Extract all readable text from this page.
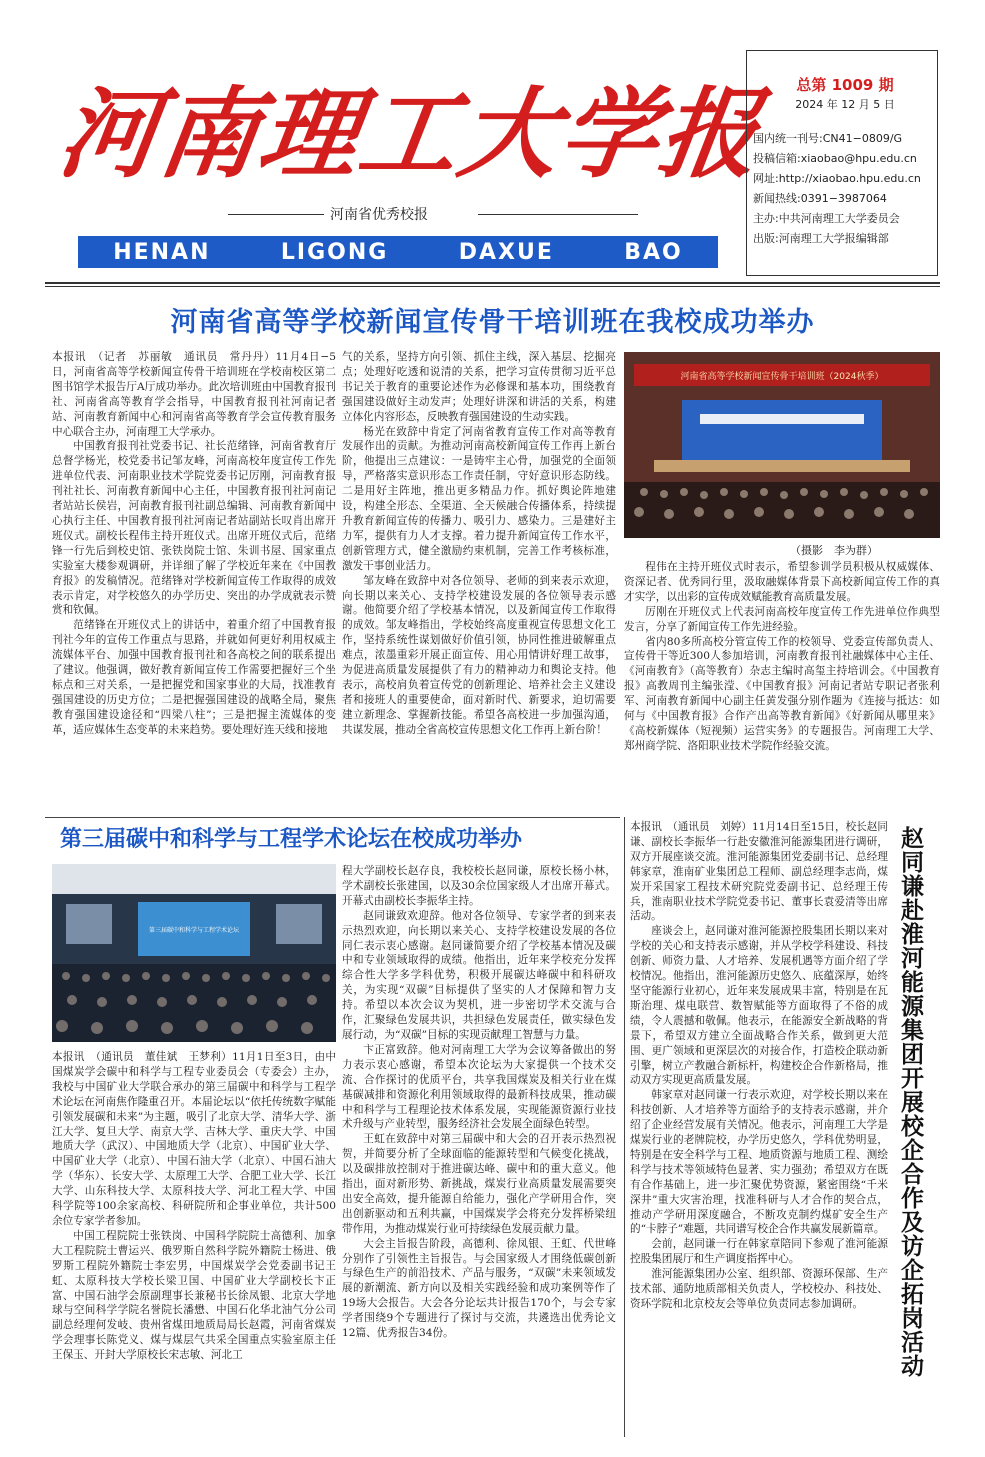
河南理工大学报
河南省优秀校报
HENAN	LIGONG	DAXUE	BAO
总第 1009 期
2024 年 12 月 5 日
国内统一刊号:CN41−0809/G
投稿信箱:xiaobao@hpu.edu.cn
网址:http://xiaobao.hpu.edu.cn
新闻热线:0391−3987064
主办:中共河南理工大学委员会
出版:河南理工大学报编辑部
河南省高等学校新闻宣传骨干培训班在我校成功举办

本报讯　（记者　苏丽敏　通讯员　常丹丹）11月4日−5日，河南省高等学校新闻宣传骨干培训班在学校南校区第二图书馆学术报告厅A厅成功举办。此次培训班由中国教育报刊社、河南省高等教育学会指导，中国教育报刊社河南记者站、河南教育新闻中心和河南省高等教育学会宣传教育服务中心联合主办，河南理工大学承办。

中国教育报刊社党委书记、社长范绪锋，河南省教育厅总督学杨光，校党委书记邹友峰，河南高校年度宣传工作先进单位代表、河南职业技术学院党委书记厉刚，河南教育报刊社社长、河南教育新闻中心主任，中国教育报刊社河南记者站站长侯岩，河南教育报刊社副总编辑、河南教育新闻中心执行主任、中国教育报刊社河南记者站副站长叹肖出席开班仪式。副校长程伟主持开班仪式。出席开班仪式后，范绪锋一行先后到校史馆、张铁岗院士馆、朱训书屋、国家重点实验室大楼参观调研，并详细了解了学校近年来在《中国教育报》的发稿情况。范绪锋对学校新闻宣传工作取得的成效表示肯定，对学校悠久的办学历史、突出的办学成就表示赞赏和钦佩。

范绪锋在开班仪式上的讲话中，着重介绍了中国教育报刊社今年的宣传工作重点与思路，并就如何更好利用权威主流媒体平台、加强中国教育报刊社和各高校之间的联系提出了建议。他强调，做好教育新闻宣传工作需要把握好三个坐标点和三对关系，一是把握党和国家事业的大局，找准教育强国建设的历史方位；二是把握强国建设的战略全局，聚焦教育强国建设途径和“四梁八柱”；三是把握主流媒体的变革，适应媒体生态变革的未来趋势。要处理好连天线和接地

气的关系，坚持方向引领、抓住主线，深入基层、挖掘亮点；处理好吃透和说清的关系，把学习宣传贯彻习近平总书记关于教育的重要论述作为必修课和基本功，围绕教育强国建设做好主动发声；处理好讲深和讲活的关系，构建立体化内容形态，反映教育强国建设的生动实践。

杨光在致辞中肯定了河南省教育宣传工作对高等教育发展作出的贡献。为推动河南高校新闻宣传工作再上新台阶，他提出三点建议：一是铸牢主心骨，加强党的全面领导，严格落实意识形态工作责任制，守好意识形态防线。二是用好主阵地，推出更多精品力作。抓好舆论阵地建设，构建全形态、全渠道、全天候融合传播体系，持续提升教育新闻宣传的传播力、吸引力、感染力。三是建好主力军，提供有力人才支撑。着力提升新闻宣传工作水平，创新管理方式，健全激励约束机制，完善工作考核标准，激发干事创业活力。

邹友峰在致辞中对各位领导、老师的到来表示欢迎，向长期以来关心、支持学校建设发展的各位领导表示感谢。他简要介绍了学校基本情况，以及新闻宣传工作取得的成效。邹友峰指出，学校始终高度重视宣传思想文化工作，坚持系统性谋划做好价值引领，协同性推进破解重点难点，浓墨重彩开展正面宣传、用心用情讲好理工故事，为促进高质量发展提供了有力的精神动力和舆论支持。他表示，高校肩负着宣传党的创新理论、培养社会主义建设者和接班人的重要使命，面对新时代、新要求，迫切需要建立新理念、掌握新技能。希望各高校进一步加强沟通，共谋发展，推动全省高校宣传思想文化工作再上新台阶！

河南省高等学校新闻宣传骨干培训班（2024秋季）
（摄影　李为群）

程伟在主持开班仪式时表示，希望参训学员积极从权威媒体、资深记者、优秀同行里，汲取融媒体背景下高校新闻宣传工作的真才实学，以出彩的宣传成效赋能教育高质量发展。

厉刚在开班仪式上代表河南高校年度宣传工作先进单位作典型发言，分享了新闻宣传工作先进经验。

省内80多所高校分管宣传工作的校领导、党委宣传部负责人、宣传骨干等近300人参加培训，河南教育报刊社融媒体中心主任、《河南教育》（高等教育）杂志主编时高玺主持培训会。《中国教育报》高教周刊主编张滢、《中国教育报》河南记者站专职记者张利军、河南教育新闻中心副主任黄发强分别作题为《连接与抵达：如何与《中国教育报》合作产出高等教育新闻》《好新闻从哪里来》《高校新媒体（短视频）运营实务》的专题报告。河南理工大学、郑州商学院、洛阳职业技术学院作经验交流。

第三届碳中和科学与工程学术论坛在校成功举办
第三届碳中和科学与工程学术论坛

本报讯　（通讯员　董佳斌　王梦利）11月1日至3日，由中国煤炭学会碳中和科学与工程专业委员会（专委会）主办，我校与中国矿业大学联合承办的第三届碳中和科学与工程学术论坛在河南焦作隆重召开。本届论坛以“依托传统数字赋能引领发展碳和未来”为主题，吸引了北京大学、清华大学、浙江大学、复旦大学、南京大学、吉林大学、重庆大学、中国地质大学（武汉）、中国地质大学（北京）、中国矿业大学、中国矿业大学（北京）、中国石油大学（北京）、中国石油大学（华东）、长安大学、太原理工大学、合肥工业大学、长江大学、山东科技大学、太原科技大学、河北工程大学、中国科学院等100余家高校、科研院所和企事业单位，共计500余位专家学者参加。

中国工程院院士张铁岗、中国科学院院士高德利、加拿大工程院院士曹运兴、俄罗斯自然科学院外籍院士杨进、俄罗斯工程院外籍院士李宏男，中国煤炭学会党委副书记王虹、太原科技大学校长梁卫国、中国矿业大学副校长卞正富、中国石油学会原副理事长兼秘书长徐凤银、北京大学地球与空间科学学院名誉院长潘懋、中国石化华北油气分公司副总经理何发岐、贵州省煤田地质局局长赵霞，河南省煤炭学会理事长陈党义、煤与煤层气共采全国重点实验室原主任王保玉、开封大学原校长宋志敏、河北工

程大学副校长赵存良，我校校长赵同谦，原校长杨小林，学术副校长张建国，以及30余位国家级人才出席开幕式。开幕式由副校长李振华主持。

赵同谦致欢迎辞。他对各位领导、专家学者的到来表示热烈欢迎，向长期以来关心、支持学校建设发展的各位同仁表示衷心感谢。赵同谦简要介绍了学校基本情况及碳中和专业领域取得的成绩。他指出，近年来学校充分发挥综合性大学多学科优势，积极开展碳达峰碳中和科研攻关，为实现“双碳”目标提供了坚实的人才保障和智力支持。希望以本次会议为契机，进一步密切学术交流与合作，汇聚绿色发展共识，共担绿色发展责任，做实绿色发展行动，为“双碳”目标的实现贡献理工智慧与力量。

卞正富致辞。他对河南理工大学为会议筹备做出的努力表示衷心感谢，希望本次论坛为大家提供一个技术交流、合作探讨的优质平台，共享我国煤炭及相关行业在煤基碳减排和资源化利用领域取得的最新科技成果，推动碳中和科学与工程理论技术体系发展，实现能源资源行业技术升级与产业转型，服务经济社会发展全面绿色转型。

王虹在致辞中对第三届碳中和大会的召开表示热烈祝贺，并简要分析了全球面临的能源转型和气候变化挑战，以及碳排放控制对于推进碳达峰、碳中和的重大意义。他指出，面对新形势、新挑战，煤炭行业高质量发展需要突出安全高效，提升能源自给能力，强化产学研用合作，突出创新驱动和五利共赢，中国煤炭学会将充分发挥桥梁纽带作用，为推动煤炭行业可持续绿色发展贡献力量。

大会主旨报告阶段，高德利、徐凤银、王虹、代世峰分别作了引领性主旨报告。与会国家级人才围绕低碳创新与绿色生产的前沿技术、产品与服务，“双碳”未来领域发展的新潮流、新方向以及相关实践经验和成功案例等作了19场大会报告。大会各分论坛共计报告170个，与会专家学者围绕9个专题进行了探讨与交流，共遴选出优秀论文12篇、优秀报告34份。

本报讯　（通讯员　刘婷）11月14日至15日，校长赵同谦、副校长李振华一行赴安徽淮河能源集团进行调研，双方开展座谈交流。淮河能源集团党委副书记、总经理韩家章，淮南矿业集团总工程师、副总经理李志尚，煤炭开采国家工程技术研究院党委副书记、总经理王传兵，淮南职业技术学院党委书记、董事长袁爱清等出席活动。

座谈会上，赵同谦对淮河能源控股集团长期以来对学校的关心和支持表示感谢，并从学校学科建设、科技创新、师资力量、人才培养、发展机遇等方面介绍了学校情况。他指出，淮河能源历史悠久、底蕴深厚，始终坚守能源行业初心，近年来发展成果丰富，特别是在瓦斯治理、煤电联营、数智赋能等方面取得了不俗的成绩，令人震撼和敬佩。他表示，在能源安全新战略的背景下，希望双方建立全面战略合作关系，做到更大范围、更广领域和更深层次的对接合作，打造校企联动新引擎，树立产教融合新标杆，构建校企合作新格局，推动双方实现更高质量发展。

韩家章对赵同谦一行表示欢迎，对学校长期以来在科技创新、人才培养等方面给予的支持表示感谢，并介绍了企业经营发展有关情况。他表示，河南理工大学是煤炭行业的老牌院校，办学历史悠久，学科优势明显，特别是在安全科学与工程、地质资源与地质工程、测绘科学与技术等领域特色显著、实力强劲；希望双方在既有合作基础上，进一步汇聚优势资源，紧密围绕“千米深井”重大灾害治理，找准科研与人才合作的契合点，推动产学研用深度融合，不断攻克制约煤矿安全生产的“卡脖子”难题，共同谱写校企合作共赢发展新篇章。

会前，赵同谦一行在韩家章陪同下参观了淮河能源控股集团展厅和生产调度指挥中心。

淮河能源集团办公室、组织部、资源环保部、生产技术部、通防地质部相关负责人，学校校办、科技处、资环学院和北京校友会等单位负责同志参加调研。	赵同谦赴淮河能源集团开展校企合作及访企拓岗活动
